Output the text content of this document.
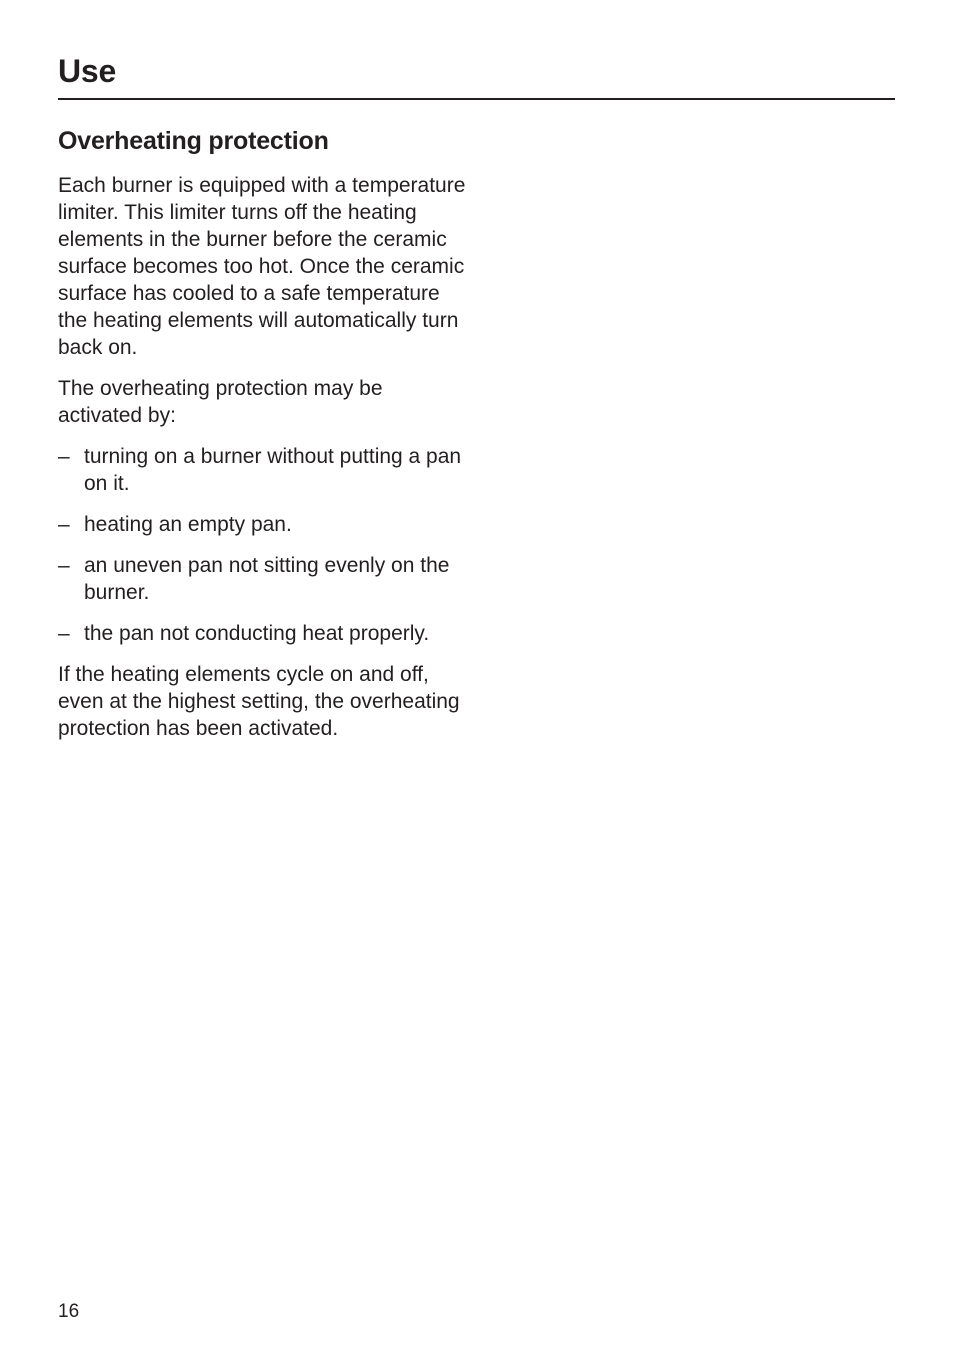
Use
Overheating protection

Each burner is equipped with a temperature limiter. This limiter turns off the heating elements in the burner before the ceramic surface becomes too hot. Once the ceramic surface has cooled to a safe temperature the heating elements will automatically turn back on.

The overheating protection may be activated by:

– turning on a burner without putting a pan on it.
– heating an empty pan.
– an uneven pan not sitting evenly on the burner.
– the pan not conducting heat properly.

If the heating elements cycle on and off, even at the highest setting, the overheating protection has been activated.

16
